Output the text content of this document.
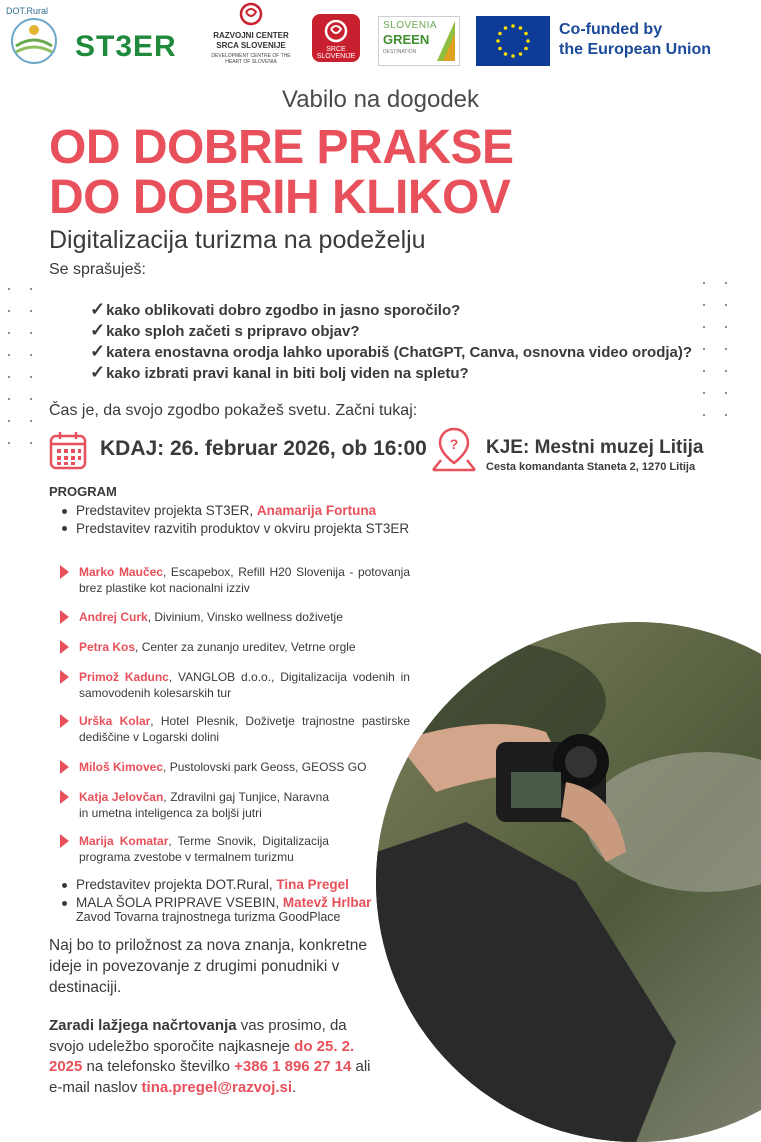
DOT.Rural
ST3ER	RAZVOJNI CENTER SRCA SLOVENIJE
DEVELOPMENT CENTRE OF THE HEART OF SLOVENIA
SRCE SLOVENIJE
SLOVENIA
GREEN
DESTINATION
Co-funded by
the European Union
Vabilo na dogodek
OD DOBRE PRAKSE
DO DOBRIH KLIKOV
Digitalizacija turizma na podeželju
Se sprašuješ:
✓kako oblikovati dobro zgodbo in jasno sporočilo?
✓kako sploh začeti s pripravo objav?
✓katera enostavna orodja lahko uporabiš (ChatGPT, Canva, osnovna video orodja)?
✓kako izbrati pravi kanal in biti bolj viden na spletu?
Čas je, da svojo zgodbo pokažeš svetu. Začni tukaj:
KDAJ: 26. februar 2026, ob 16:00 ? KJE: Mestni muzej Litija
Cesta komandanta Staneta 2, 1270 Litija
PROGRAM
Predstavitev projekta ST3ER, Anamarija Fortuna
Predstavitev razvitih produktov v okviru projekta ST3ER
Marko Maučec, Escapebox, Refill H20 Slovenija - potovanja brez plastike kot nacionalni izziv
Andrej Curk, Divinium, Vinsko wellness doživetje
Petra Kos, Center za zunanjo ureditev, Vetrne orgle
Primož Kadunc, VANGLOB d.o.o., Digitalizacija vodenih in samovodenih kolesarskih tur
Urška Kolar, Hotel Plesnik, Doživetje trajnostne pastirske dediščine v Logarski dolini
Miloš Kimovec, Pustolovski park Geoss, GEOSS GO
Katja Jelovčan, Zdravilni gaj Tunjice, Naravna in umetna inteligenca za boljši jutri
Marija Komatar, Terme Snovik, Digitalizacija programa zvestobe v termalnem turizmu
Predstavitev projekta DOT.Rural, Tina Pregel
MALA ŠOLA PRIPRAVE VSEBIN, Matevž Hrlbar
Zavod Tovarna trajnostnega turizma GoodPlace
Naj bo to priložnost za nova znanja, konkretne ideje in povezovanje z drugimi ponudniki v destinaciji.
Zaradi lažjega načrtovanja vas prosimo, da svojo udeležbo sporočite najkasneje do 25. 2. 2025 na telefonsko številko +386 1 896 27 14 ali e-mail naslov tina.pregel@razvoj.si.
